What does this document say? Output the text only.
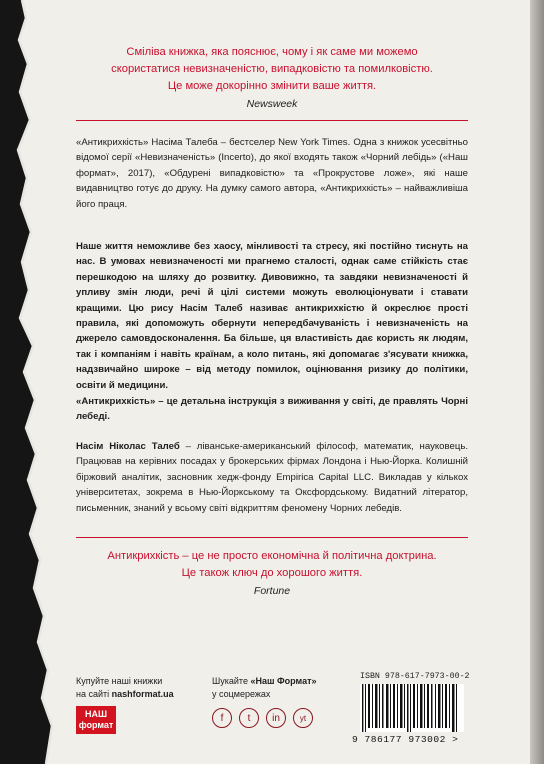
Сміліва книжка, яка пояснює, чому і як саме ми можемо
скористатися невизначеністю, випадковістю та помилковістю.
Це може докорінно змінити ваше життя.
Newsweek
«Антикрихкість» Насіма Талеба – бестселер New York Times. Одна з книжок усесвітньо відомої серії «Невизначеність» (Incerto), до якої входять також «Чорний лебідь» («Наш формат», 2017), «Обдурені випадковістю» та «Прокрустове ложе», які наше видавництво готує до друку. На думку самого автора, «Антикрихкість» – найважливіша його праця.
Наше життя неможливе без хаосу, мінливості та стресу, які постійно тиснуть на нас. В умовах невизначеності ми прагнемо сталості, однак саме стійкість стає перешкодою на шляху до розвитку. Дивовижно, та завдяки невизначеності й упливу змін люди, речі й цілі системи можуть еволюціонувати і ставати кращими. Цю рису Насім Талеб називає антикрихкістю й окреслює прості правила, які допоможуть обернути непередбачуваність і невизначеність на джерело самовдосконалення. Ба більше, ця властивість дає користь як людям, так і компаніям і навіть країнам, а коло питань, які допомагає з'ясувати книжка, надзвичайно широке – від методу помилок, оцінювання ризику до політики, освіти й медицини.
«Антикрихкість» – це детальна інструкція з виживання у світі, де правлять Чорні лебеді.
Насім Ніколас Талеб – ліванське-американський філософ, математик, науковець. Працював на керівних посадах у брокерських фірмах Лондона і Нью-Йорка. Колишній біржовий аналітик, засновник хедж-фонду Empirica Capital LLC. Викладав у кількох університетах, зокрема в Нью-Йоркському та Оксфордському. Видатний літератор, письменник, знаний у всьому світі відкриттям феномену Чорних лебедів.
Антикрихкість – це не просто економічна й політична доктрина.
Це також ключ до хорошого життя.
Fortune
Купуйте наші книжки
на сайті nashformat.ua
НАШ
формат
Шукайте «Наш Формат»
у соцмережах
f	t	in	yt
ISBN 978-617-7973-00-2
9 786177 973002 >
